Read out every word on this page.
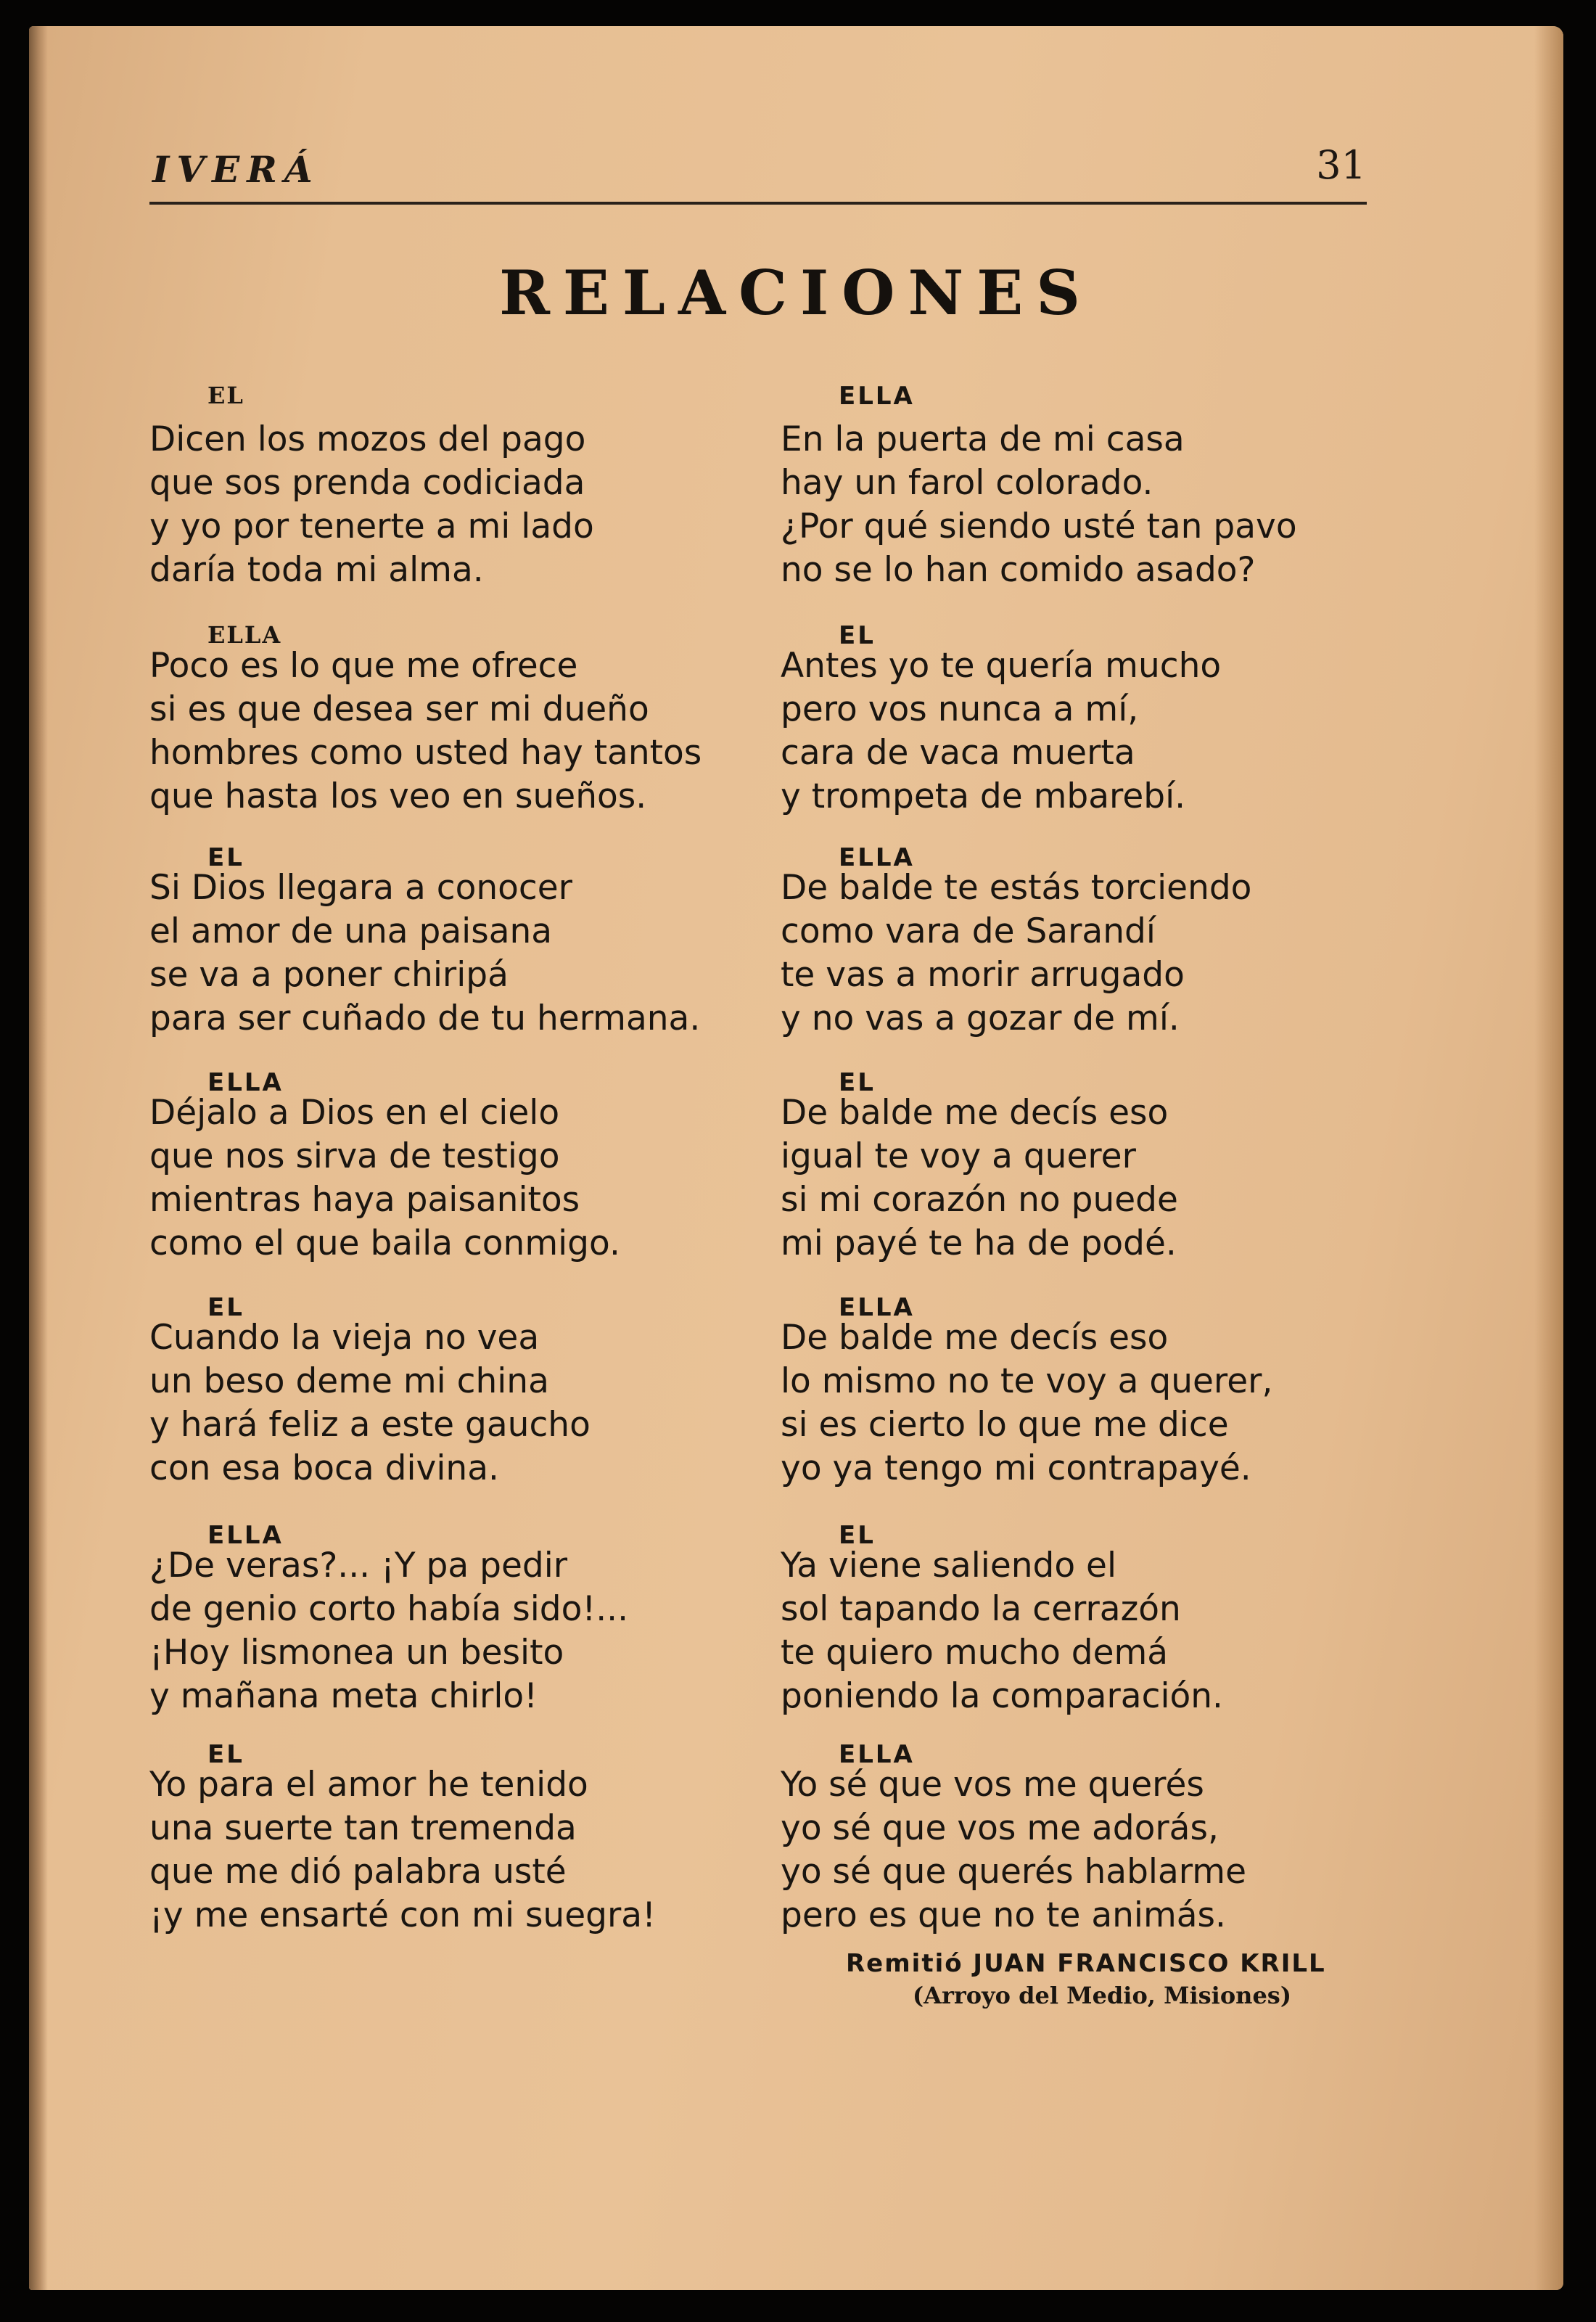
IVERÁ	31
RELACIONES
EL
Dicen los mozos del pago
que sos prenda codiciada
y yo por tenerte a mi lado
daría toda mi alma.
ELLA
Poco es lo que me ofrece
si es que desea ser mi dueño
hombres como usted hay tantos
que hasta los veo en sueños.
EL
Si Dios llegara a conocer
el amor de una paisana
se va a poner chiripá
para ser cuñado de tu hermana.
ELLA
Déjalo a Dios en el cielo
que nos sirva de testigo
mientras haya paisanitos
como el que baila conmigo.
EL
Cuando la vieja no vea
un beso deme mi china
y hará feliz a este gaucho
con esa boca divina.
ELLA
¿De veras?... ¡Y pa pedir
de genio corto había sido!...
¡Hoy lismonea un besito
y mañana meta chirlo!
EL
Yo para el amor he tenido
una suerte tan tremenda
que me dió palabra usté
¡y me ensarté con mi suegra!
ELLA
En la puerta de mi casa
hay un farol colorado.
¿Por qué siendo usté tan pavo
no se lo han comido asado?
EL
Antes yo te quería mucho
pero vos nunca a mí,
cara de vaca muerta
y trompeta de mbarebí.
ELLA
De balde te estás torciendo
como vara de Sarandí
te vas a morir arrugado
y no vas a gozar de mí.
EL
De balde me decís eso
igual te voy a querer
si mi corazón no puede
mi payé te ha de podé.
ELLA
De balde me decís eso
lo mismo no te voy a querer,
si es cierto lo que me dice
yo ya tengo mi contrapayé.
EL
Ya viene saliendo el
sol tapando la cerrazón
te quiero mucho demá
poniendo la comparación.
ELLA
Yo sé que vos me querés
yo sé que vos me adorás,
yo sé que querés hablarme
pero es que no te animás.
Remitió JUAN FRANCISCO KRILL
(Arroyo del Medio, Misiones)
